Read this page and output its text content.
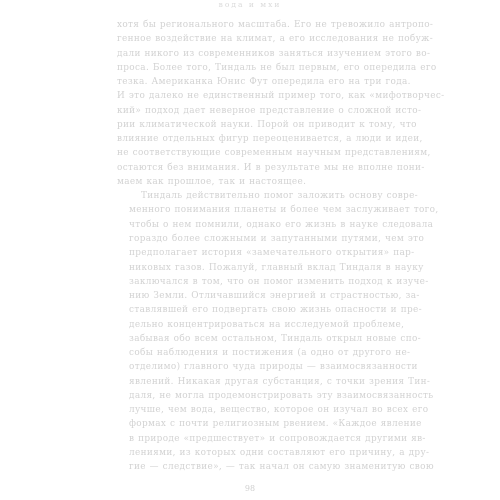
вода и мхи
хотя бы регионального масштаба. Его не тревожило антропо-
генное воздействие на климат, а его исследования не побуж-
дали никого из современников заняться изучением этого во-
проса. Более того, Тиндаль не был первым, его опередила его
тезка. Американка Юнис Фут опередила его на три года.
И это далеко не единственный пример того, как «мифотворчес-
кий» подход дает неверное представление о сложной исто-
рии климатической науки. Порой он приводит к тому, что
влияние отдельных фигур переоценивается, а люди и идеи,
не соответствующие современным научным представлениям,
остаются без внимания. И в результате мы не вполне пони-
маем как прошлое, так и настоящее.
Тиндаль действительно помог заложить основу совре-
менного понимания планеты и более чем заслуживает того,
чтобы о нем помнили, однако его жизнь в науке следовала
гораздо более сложными и запутанными путями, чем это
предполагает история «замечательного открытия» пар-
никовых газов. Пожалуй, главный вклад Тиндаля в науку
заключался в том, что он помог изменить подход к изуче-
нию Земли. Отличавшийся энергией и страстностью, за-
ставлявшей его подвергать свою жизнь опасности и пре-
дельно концентрироваться на исследуемой проблеме,
забывая обо всем остальном, Тиндаль открыл новые спо-
собы наблюдения и постижения (а одно от другого не-
отделимо) главного чуда природы — взаимосвязанности
явлений. Никакая другая субстанция, с точки зрения Тин-
даля, не могла продемонстрировать эту взаимосвязанность
лучше, чем вода, вещество, которое он изучал во всех его
формах с почти религиозным рвением. «Каждое явление
в природе «предшествует» и сопровождается другими яв-
лениями, из которых одни составляют его причину, а дру-
гие — следствие», — так начал он самую знаменитую свою
98
